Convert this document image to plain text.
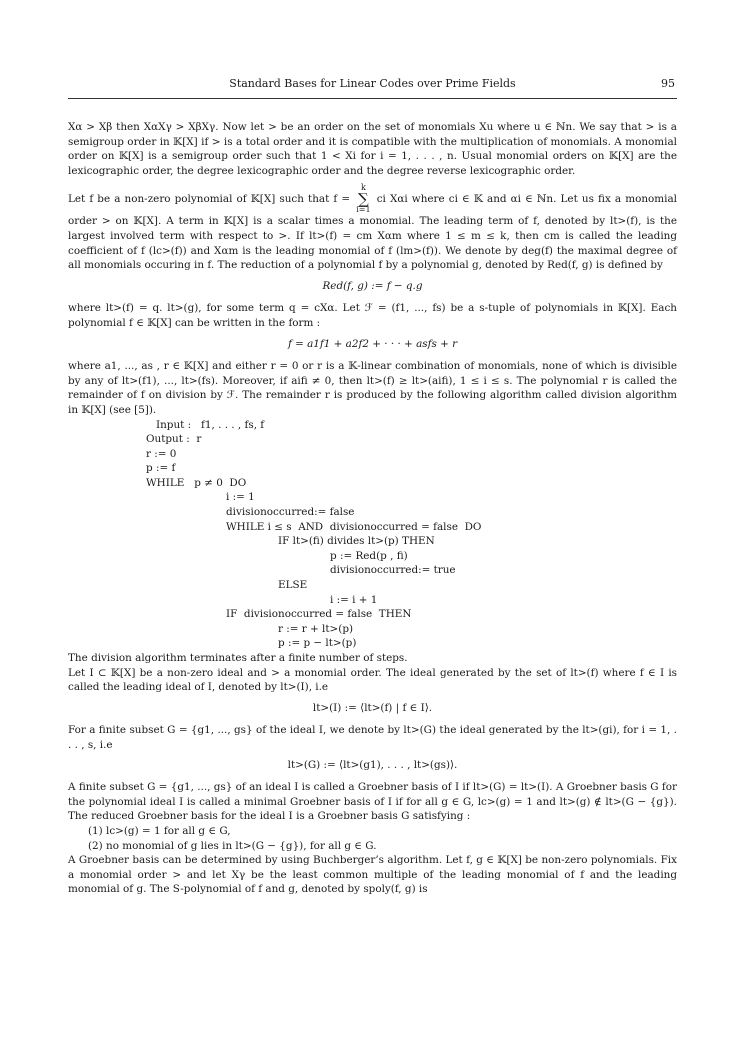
Standard Bases for Linear Codes over Prime Fields	95

Xα > Xβ then XαXγ > XβXγ. Now let > be an order on the set of monomials Xu where u ∈ ℕn. We say that > is a semigroup order in 𝕂[X] if > is a total order and it is compatible with the multiplication of monomials. A monomial order on 𝕂[X] is a semigroup order such that 1 < Xi for i = 1, . . . , n. Usual monomial orders on 𝕂[X] are the lexicographic order, the degree lexicographic order and the degree reverse lexicographic order.

Let f be a non-zero polynomial of 𝕂[X] such that f = k
∑
i=1 ci Xαi where ci ∈ 𝕂 and αi ∈ ℕn. Let us fix a monomial order > on 𝕂[X]. A term in 𝕂[X] is a scalar times a monomial. The leading term of f, denoted by lt>(f), is the largest involved term with respect to >. If lt>(f) = cm Xαm where 1 ≤ m ≤ k, then cm is called the leading coefficient of f (lc>(f)) and Xαm is the leading monomial of f (lm>(f)). We denote by deg(f) the maximal degree of all monomials occuring in f. The reduction of a polynomial f by a polynomial g, denoted by Red(f, g) is defined by

Red(f, g) := f − q.g

where lt>(f) = q. lt>(g), for some term q = cXα. Let ℱ = (f1, ..., fs) be a s-tuple of polynomials in 𝕂[X]. Each polynomial f ∈ 𝕂[X] can be written in the form :

f = a1f1 + a2f2 + · · · + asfs + r

where a1, ..., as , r ∈ 𝕂[X] and either r = 0 or r is a 𝕂-linear combination of monomials, none of which is divisible by any of lt>(f1), ..., lt>(fs). Moreover, if aifi ≠ 0, then lt>(f) ≥ lt>(aifi), 1 ≤ i ≤ s. The polynomial r is called the remainder of f on division by ℱ. The remainder r is produced by the following algorithm called division algorithm in 𝕂[X] (see [5]).

Input :   f1, . . . , fs, f
Output :  r
r := 0
p := f
WHILE   p ≠ 0  DO
i := 1
divisionoccurred:= false
WHILE i ≤ s  AND  divisionoccurred = false  DO
IF lt>(fi) divides lt>(p) THEN
p := Red(p , fi)
divisionoccurred:= true
ELSE
i := i + 1
IF  divisionoccurred = false  THEN
r := r + lt>(p)
p := p − lt>(p)

The division algorithm terminates after a finite number of steps.

Let I ⊂ 𝕂[X] be a non-zero ideal and > a monomial order. The ideal generated by the set of lt>(f) where f ∈ I is called the leading ideal of I, denoted by lt>(I), i.e

lt>(I) := ⟨lt>(f) | f ∈ I⟩.

For a finite subset G = {g1, ..., gs} of the ideal I, we denote by lt>(G) the ideal generated by the lt>(gi), for i = 1, . . . , s, i.e

lt>(G) := ⟨lt>(g1), . . . , lt>(gs)⟩.

A finite subset G = {g1, ..., gs} of an ideal I is called a Groebner basis of I if lt>(G) = lt>(I). A Groebner basis G for the polynomial ideal I is called a minimal Groebner basis of I if for all g ∈ G, lc>(g) = 1 and lt>(g) ∉ lt>(G − {g}). The reduced Groebner basis for the ideal I is a Groebner basis G satisfying :

(1) lc>(g) = 1 for all g ∈ G,
(2) no monomial of g lies in lt>(G − {g}), for all g ∈ G.

A Groebner basis can be determined by using Buchberger’s algorithm. Let f, g ∈ 𝕂[X] be non-zero polynomials. Fix a monomial order > and let Xγ be the least common multiple of the leading monomial of f and the leading monomial of g. The S-polynomial of f and g, denoted by spoly(f, g) is
